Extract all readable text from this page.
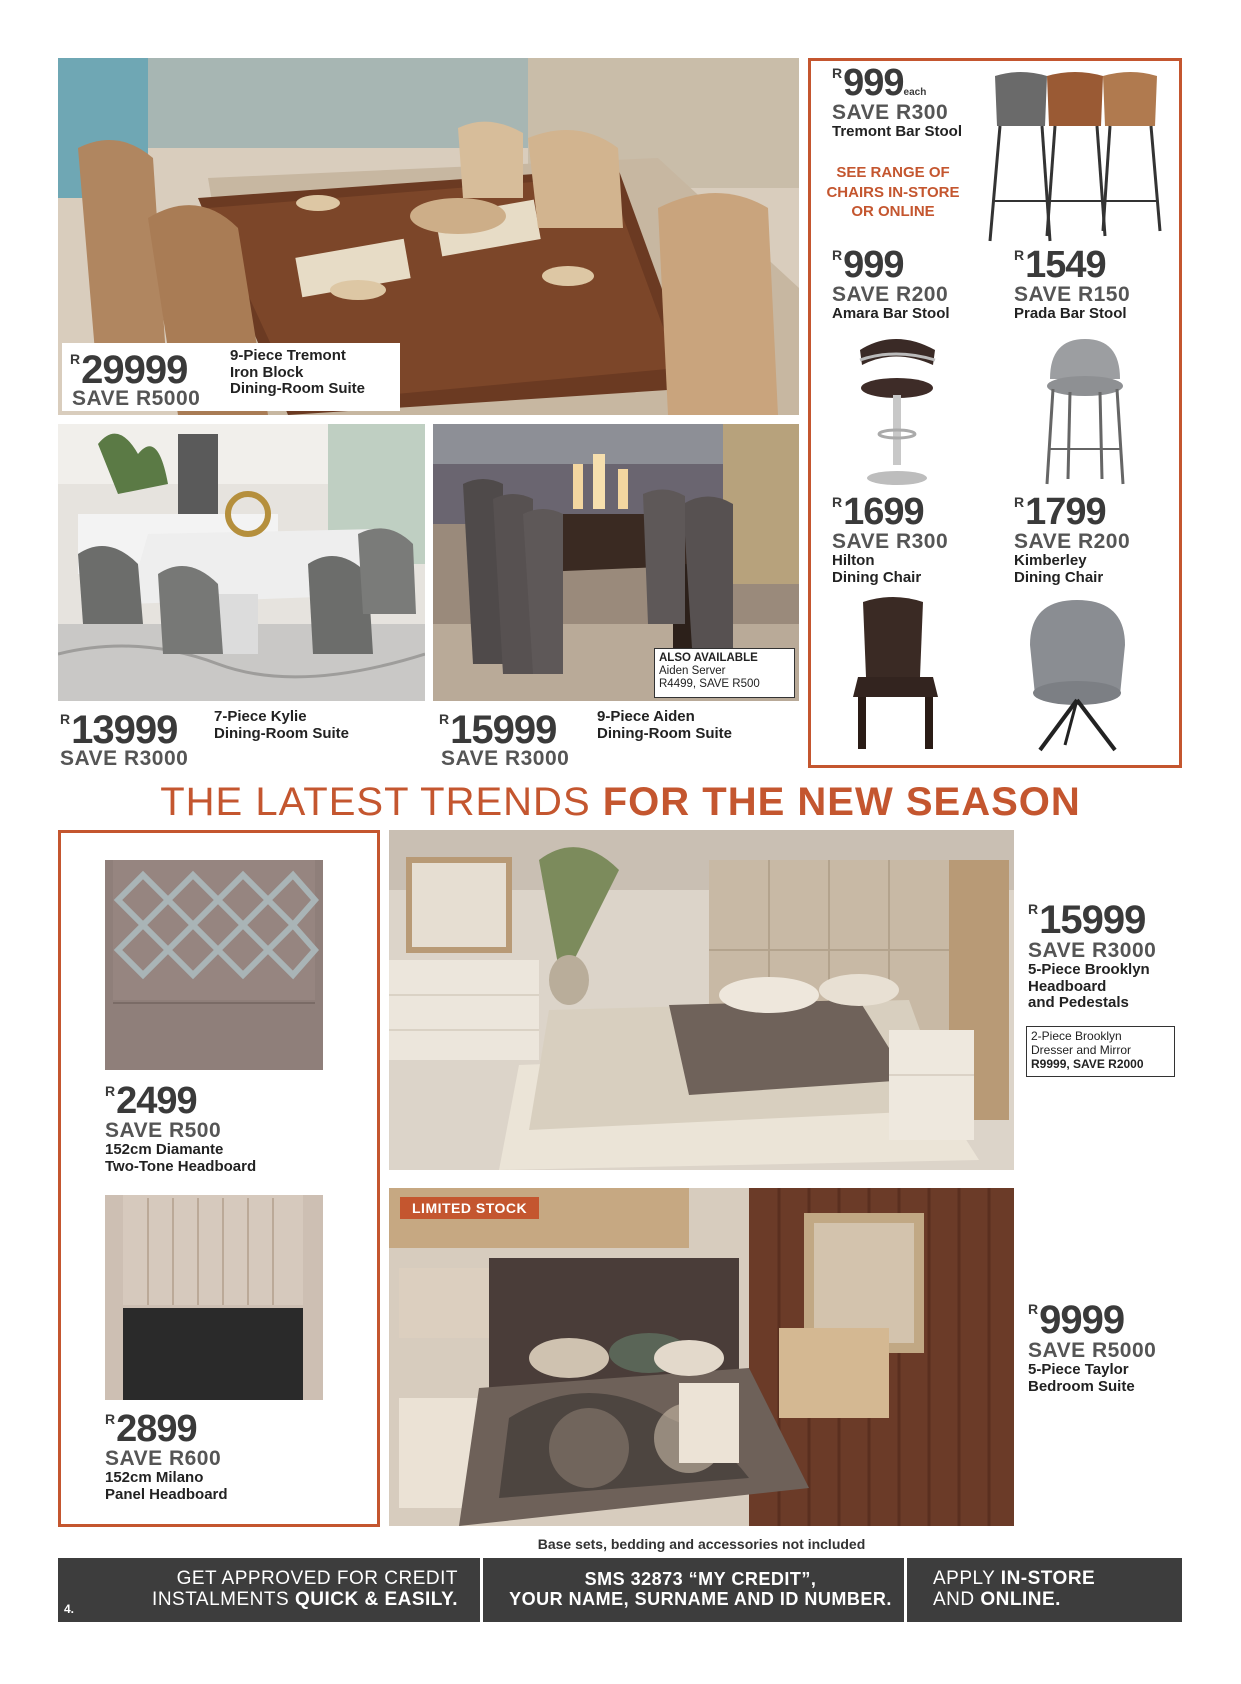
$^R$29999
SAVE R5000
9-Piece Tremont
Iron Block
Dining-Room Suite
$^R$13999
SAVE R3000
7-Piece Kylie
Dining-Room Suite
ALSO AVAILABLE
Aiden Server
R4499, SAVE R500
$^R$15999
SAVE R3000
9-Piece Aiden
Dining-Room Suite
$^R$999each
SAVE R300
Tremont Bar Stool
SEE RANGE OF
CHAIRS IN-STORE
OR ONLINE
$^R$999
SAVE R200
Amara Bar Stool
$^R$1549
SAVE R150
Prada Bar Stool
$^R$1699
SAVE R300
Hilton
Dining Chair
$^R$1799
SAVE R200
Kimberley
Dining Chair
THE LATEST TRENDS FOR THE NEW SEASON
$^R$2499
SAVE R500
152cm Diamante
Two-Tone Headboard
$^R$2899
SAVE R600
152cm Milano
Panel Headboard
$^R$15999
SAVE R3000
5-Piece Brooklyn
Headboard
and Pedestals
2-Piece Brooklyn
Dresser and Mirror
R9999, SAVE R2000
LIMITED STOCK
$^R$9999
SAVE R5000
5-Piece Taylor
Bedroom Suite
Base sets, bedding and accessories not included
GET APPROVED FOR CREDIT
INSTALMENTS QUICK & EASILY.
SMS 32873 “MY CREDIT”,
YOUR NAME, SURNAME AND ID NUMBER.
APPLY IN-STORE
AND ONLINE.
4.
